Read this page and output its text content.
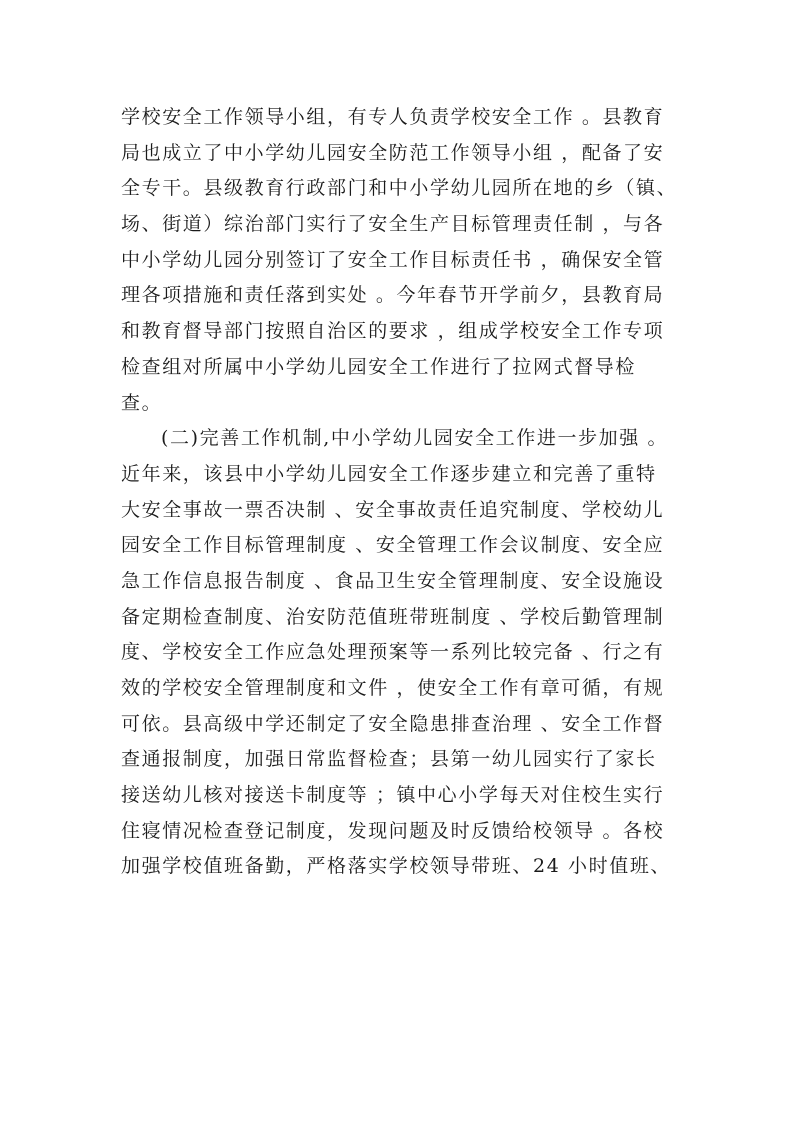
学校安全工作领导小组，有专人负责学校安全工作 。县教育
局也成立了中小学幼儿园安全防范工作领导小组 ，配备了安
全专干。县级教育行政部门和中小学幼儿园所在地的乡（镇、
场、街道）综治部门实行了安全生产目标管理责任制 ，与各
中小学幼儿园分别签订了安全工作目标责任书 ，确保安全管
理各项措施和责任落到实处 。今年春节开学前夕，县教育局
和教育督导部门按照自治区的要求 ，组成学校安全工作专项
检查组对所属中小学幼儿园安全工作进行了拉网式督导检
查。
(二)完善工作机制,中小学幼儿园安全工作进一步加强 。
近年来，该县中小学幼儿园安全工作逐步建立和完善了重特
大安全事故一票否决制 、安全事故责任追究制度、学校幼儿
园安全工作目标管理制度 、安全管理工作会议制度、安全应
急工作信息报告制度 、食品卫生安全管理制度、安全设施设
备定期检查制度、治安防范值班带班制度 、学校后勤管理制
度、学校安全工作应急处理预案等一系列比较完备 、行之有
效的学校安全管理制度和文件 ，使安全工作有章可循，有规
可依。县高级中学还制定了安全隐患排查治理 、安全工作督
查通报制度，加强日常监督检查；县第一幼儿园实行了家长
接送幼儿核对接送卡制度等 ；镇中心小学每天对住校生实行
住寝情况检查登记制度，发现问题及时反馈给校领导 。各校
加强学校值班备勤，严格落实学校领导带班、24 小时值班、
